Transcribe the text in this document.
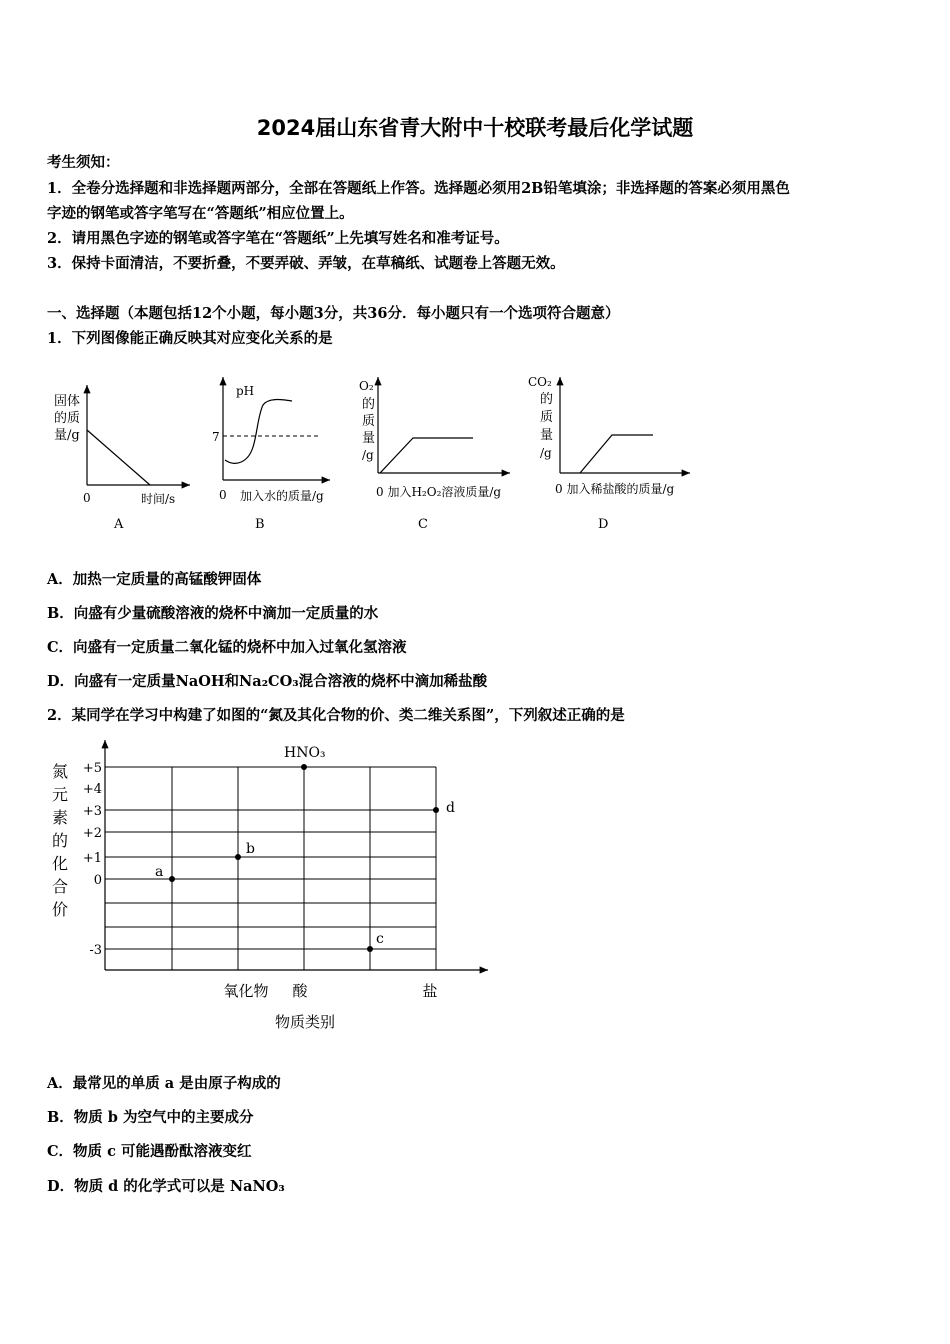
2024届山东省青大附中十校联考最后化学试题
考生须知：
1．全卷分选择题和非选择题两部分，全部在答题纸上作答。选择题必须用2B铅笔填涂；非选择题的答案必须用黑色
字迹的钢笔或答字笔写在“答题纸”相应位置上。
2．请用黑色字迹的钢笔或答字笔在“答题纸”上先填写姓名和准考证号。
3．保持卡面清洁，不要折叠，不要弄破、弄皱，在草稿纸、试题卷上答题无效。
一、选择题（本题包括12个小题，每小题3分，共36分．每小题只有一个选项符合题意）
1．下列图像能正确反映其对应变化关系的是
固体
的质
量/g
0	时间/s
A
pH
7
0 加入水的质量/g
B
O₂
的
质
量
/g
0 加入H₂O₂溶液质量/g
C
CO₂
的
质
量
/g
0 加入稀盐酸的质量/g
D
A．加热一定质量的高锰酸钾固体
B．向盛有少量硫酸溶液的烧杯中滴加一定质量的水
C．向盛有一定质量二氧化锰的烧杯中加入过氧化氢溶液
D．向盛有一定质量NaOH和Na₂CO₃混合溶液的烧杯中滴加稀盐酸
2．某同学在学习中构建了如图的“氮及其化合物的价、类二维关系图”，下列叙述正确的是
氮
元
素
的
化
合
价
+5
+4
+3
+2
+1
0
-3
氧化物 酸	盐
a
b
HNO₃
c
d
物质类别
A．最常见的单质 a 是由原子构成的
B．物质 b 为空气中的主要成分
C．物质 c 可能遇酚酞溶液变红
D．物质 d 的化学式可以是 NaNO₃
